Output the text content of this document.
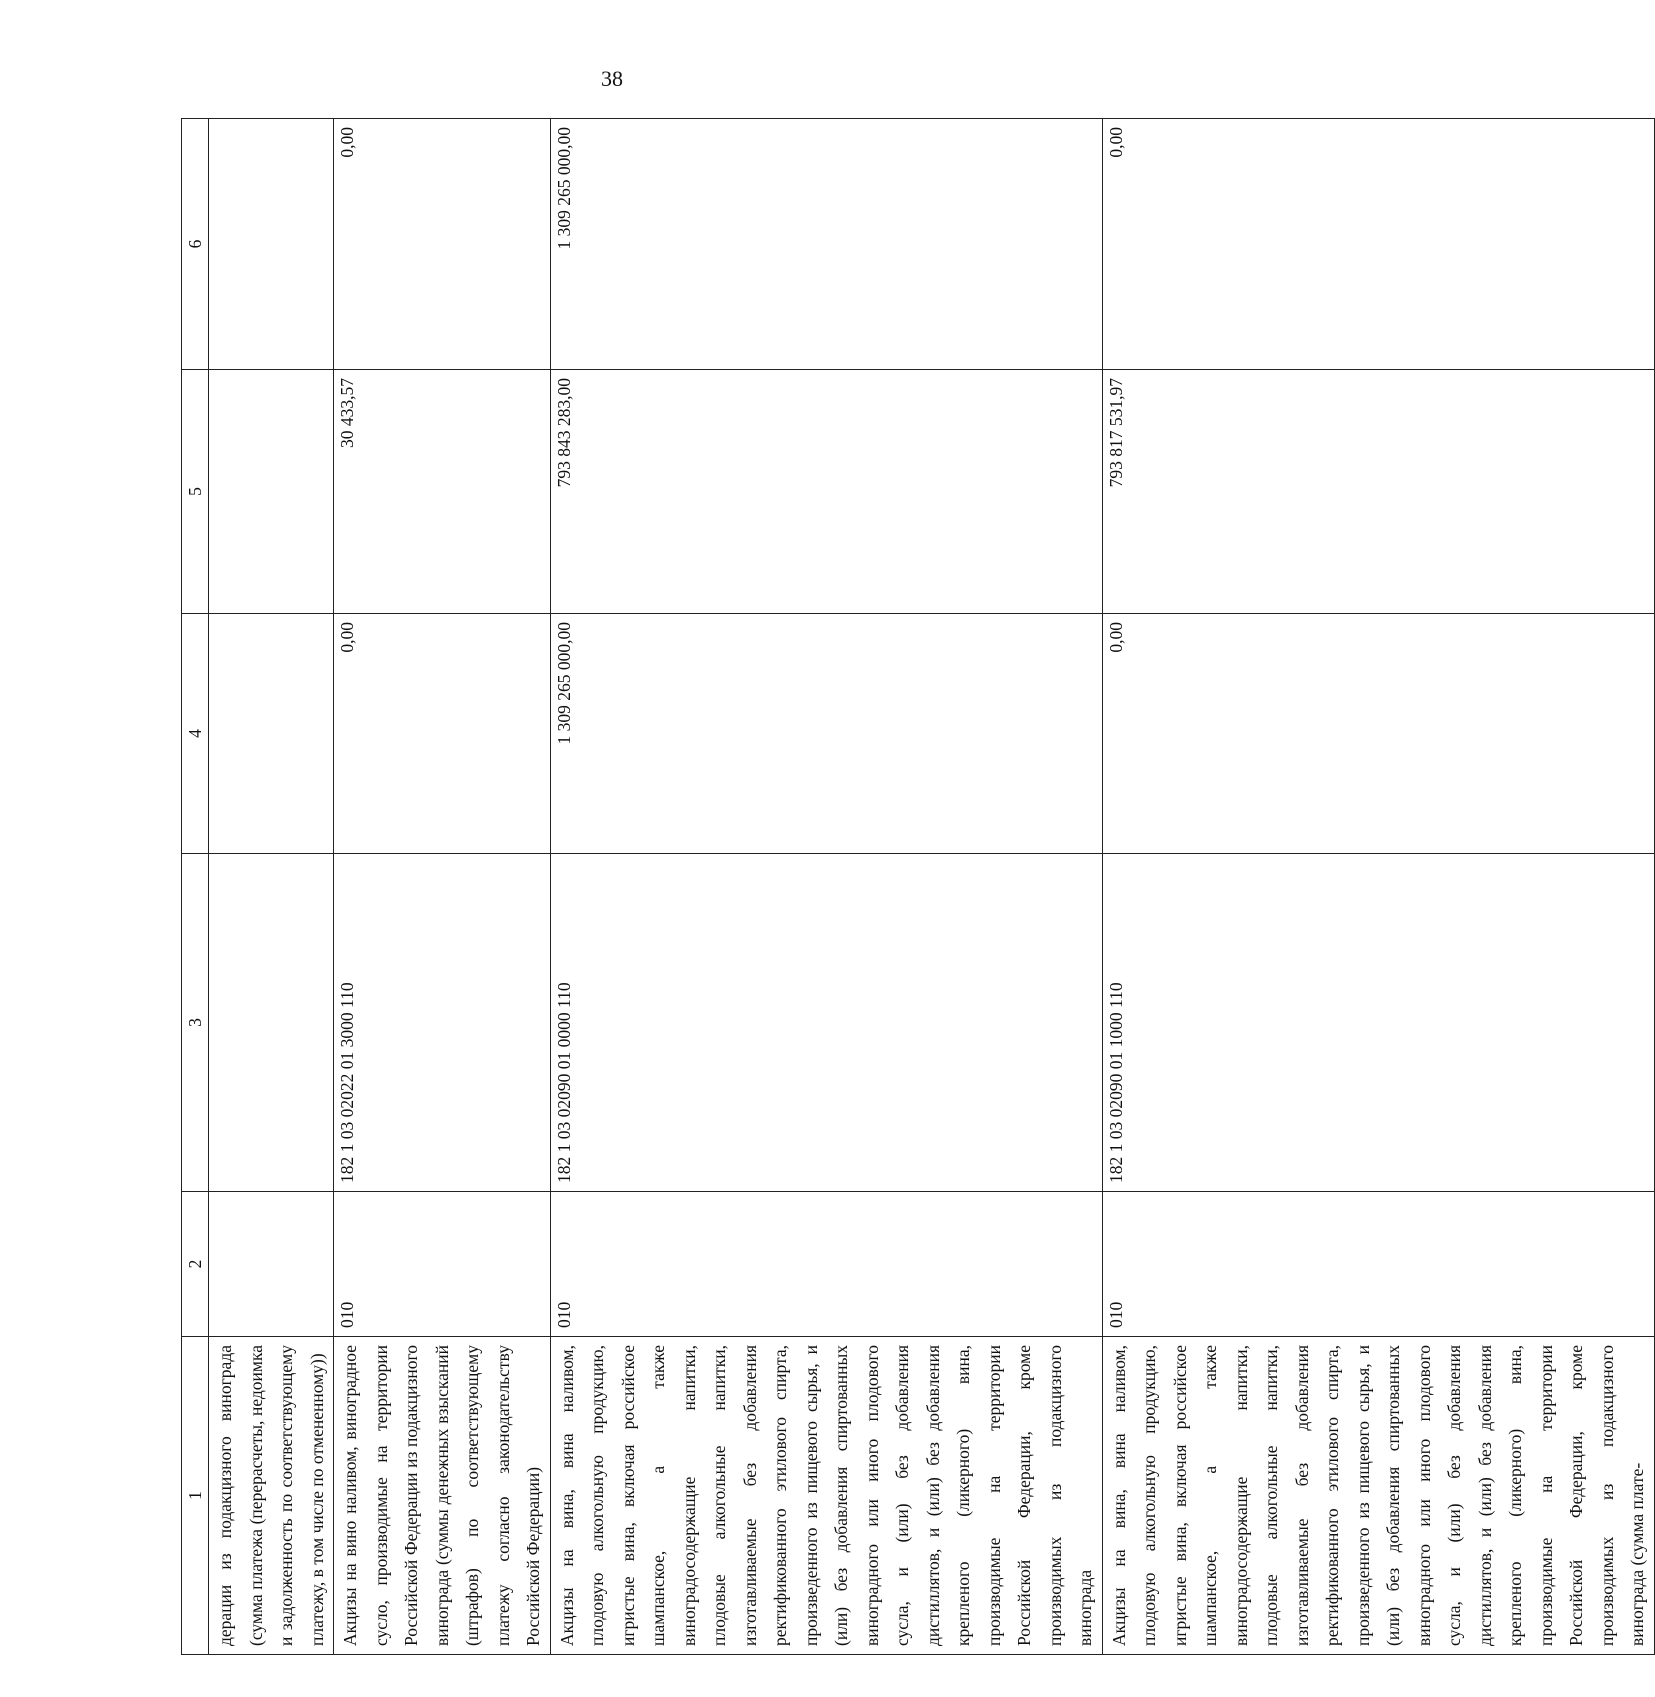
38
1	2	3	4	5	6
дерации из подакцизного винограда (сумма платежа (перерасчеты, недоимка и задолженность по соответствующему платежу, в том числе по отмененному))					
Акцизы на вино наливом, виноградное сусло, производимые на территории Российской Федерации из подакцизного винограда (суммы денежных взысканий (штрафов) по соответствующему платежу согласно законодательству Российской Федерации)	010	182 1 03 02022 01 3000 110	0,00	30 433,57	0,00
Акцизы на вина, вина наливом, плодовую алкогольную продукцию, игристые вина, включая российское шампанское, а также виноградосодержащие напитки, плодовые алкогольные напитки, изготавливаемые без добавления ректификованного этилового спирта, произведенного из пищевого сырья, и (или) без добавления спиртованных виноградного или иного плодового сусла, и (или) без добавления дистиллятов, и (или) без добавления крепленого (ликерного) вина, производимые на территории Российской Федерации, кроме производимых из подакцизного винограда	010	182 1 03 02090 01 0000 110	1 309 265 000,00	793 843 283,00	1 309 265 000,00
Акцизы на вина, вина наливом, плодовую алкогольную продукцию, игристые вина, включая российское шампанское, а также виноградосодержащие напитки, плодовые алкогольные напитки, изготавливаемые без добавления ректификованного этилового спирта, произведенного из пищевого сырья, и (или) без добавления спиртованных виноградного или иного плодового сусла, и (или) без добавления дистиллятов, и (или) без добавления крепленого (ликерного) вина, производимые на территории Российской Федерации, кроме производимых из подакцизного винограда (сумма плате-	010	182 1 03 02090 01 1000 110	0,00	793 817 531,97	0,00
